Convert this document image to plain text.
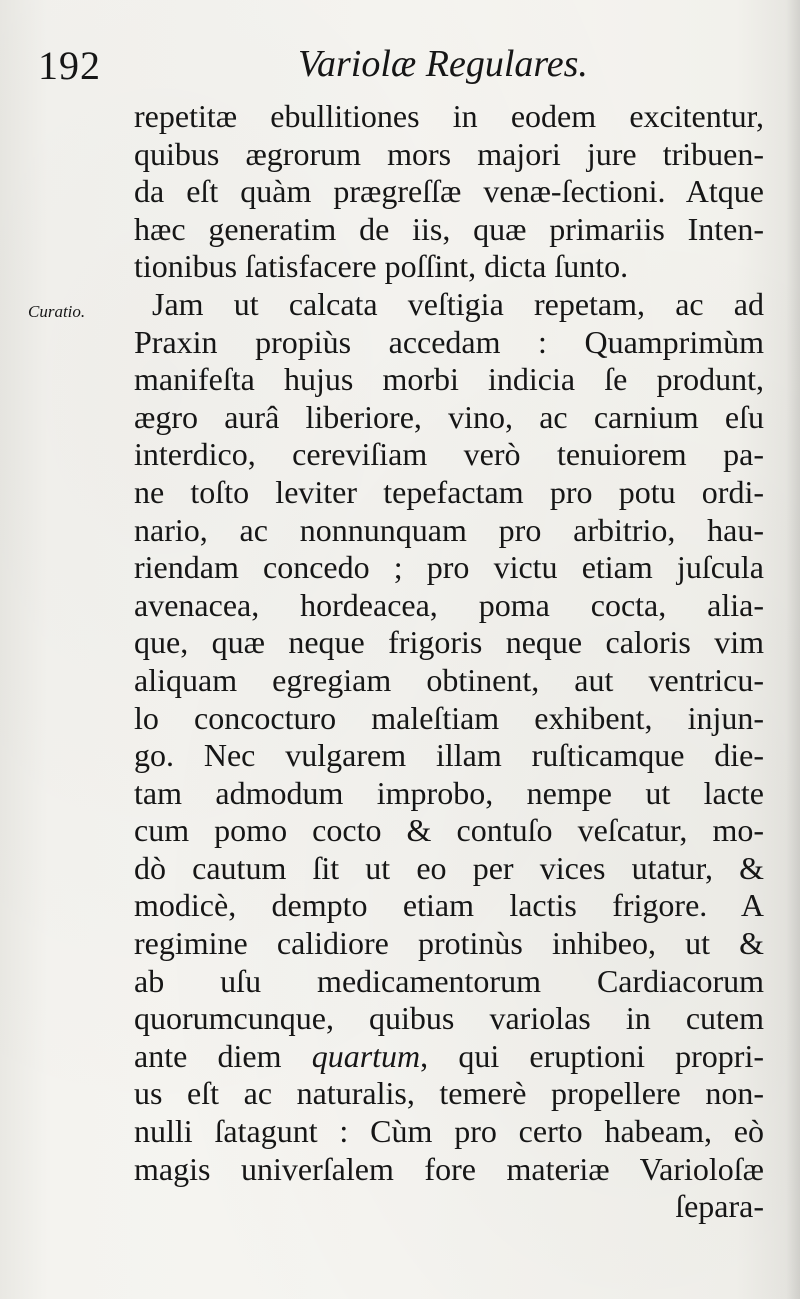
192	Variolæ Regulares.
Curatio.
repetitæ ebullitiones in eodem excitentur,
quibus ægrorum mors majori jure tribuen-
da eſt quàm prægreſſæ venæ-ſectioni. Atque
hæc generatim de iis, quæ primariis Inten-
tionibus ſatisfacere poſſint, dicta ſunto.
Jam ut calcata veſtigia repetam, ac ad
Praxin propiùs accedam : Quamprimùm
manifeſta hujus morbi indicia ſe produnt,
ægro aurâ liberiore, vino, ac carnium eſu
interdico, cereviſiam verò tenuiorem pa-
ne toſto leviter tepefactam pro potu ordi-
nario, ac nonnunquam pro arbitrio, hau-
riendam concedo ; pro victu etiam juſcula
avenacea, hordeacea, poma cocta, alia-
que, quæ neque frigoris neque caloris vim
aliquam egregiam obtinent, aut ventricu-
lo concocturo maleſtiam exhibent, injun-
go. Nec vulgarem illam ruſticamque die-
tam admodum improbo, nempe ut lacte
cum pomo cocto & contuſo veſcatur, mo-
dò cautum ſit ut eo per vices utatur, &
modicè, dempto etiam lactis frigore. A
regimine calidiore protinùs inhibeo, ut &
ab uſu medicamentorum Cardiacorum
quorumcunque, quibus variolas in cutem
ante diem quartum, qui eruptioni propri-
us eſt ac naturalis, temerè propellere non-
nulli ſatagunt : Cùm pro certo habeam, eò
magis univerſalem fore materiæ Varioloſæ
ſepara-
